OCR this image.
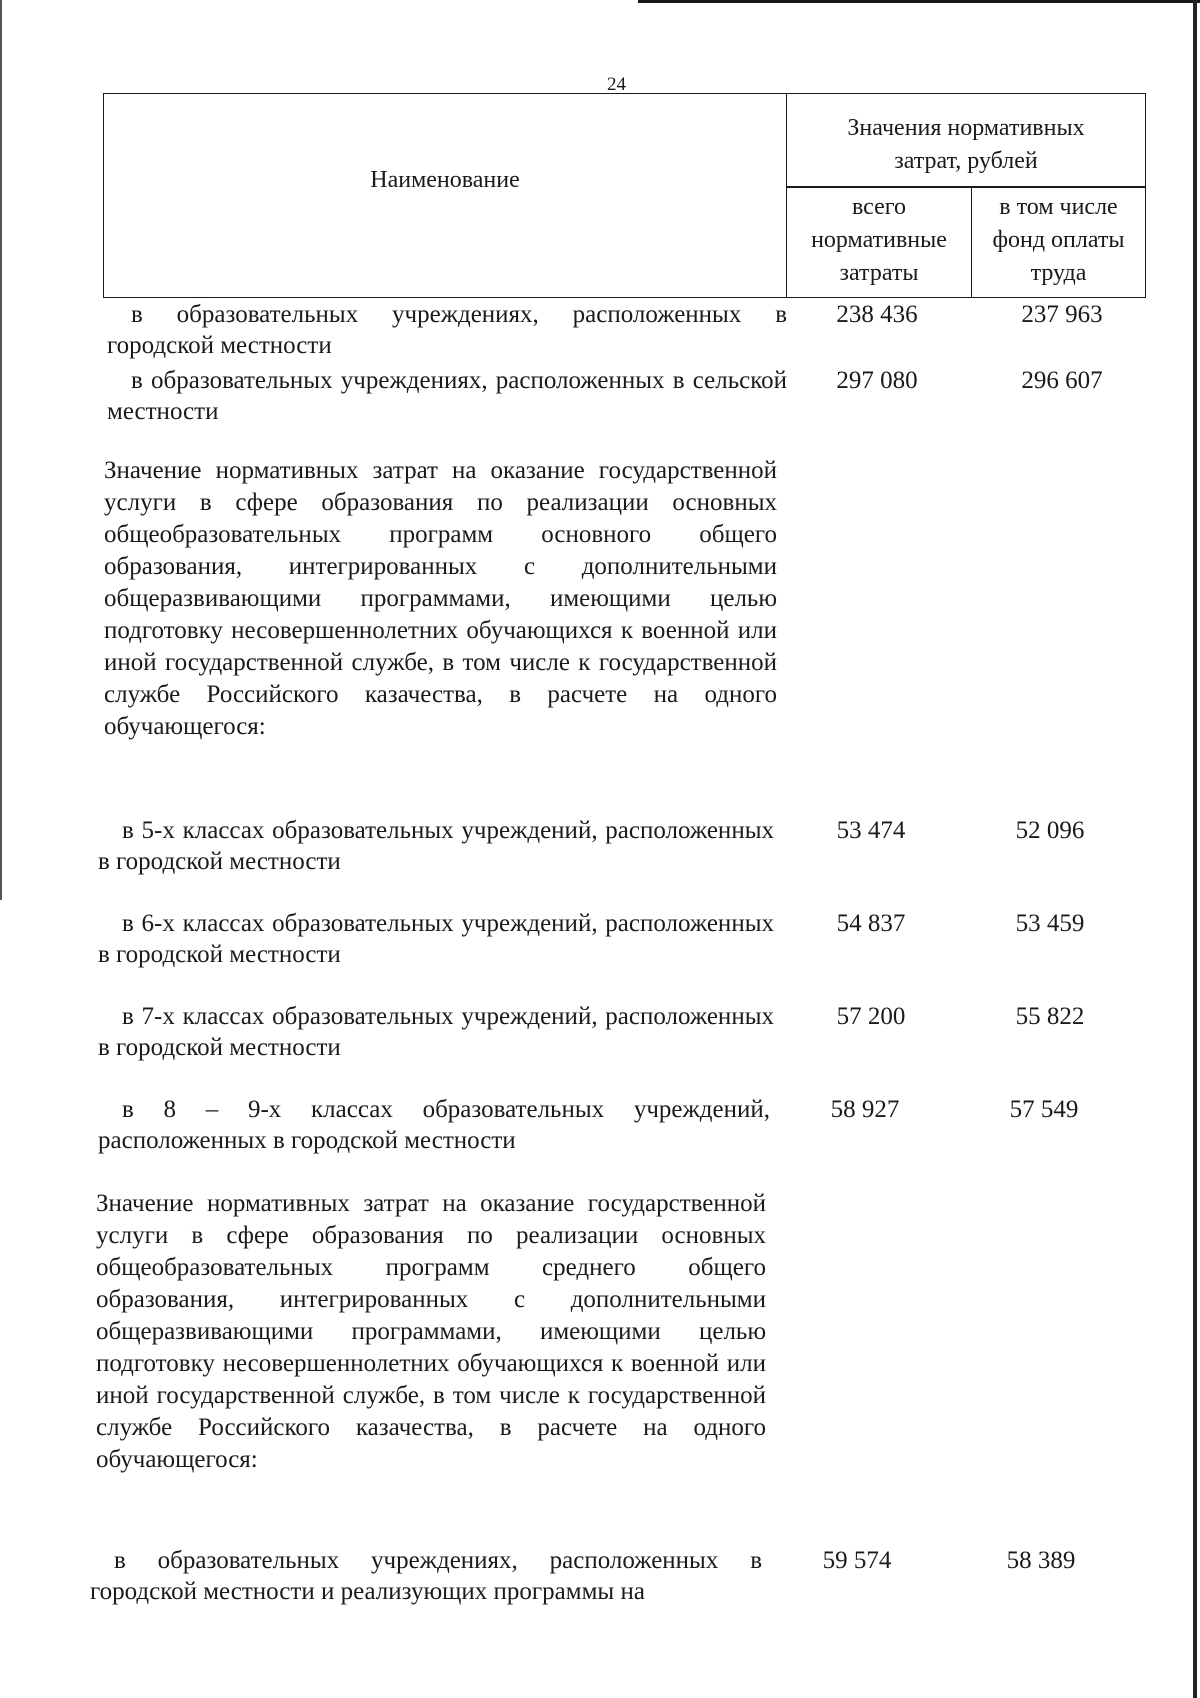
24
Наименование
Значения нормативных затрат, рублей
всего нормативные затраты
в том числе фонд оплаты труда
в образовательных учреждениях, расположенных в городской местности
238 436	237 963
в образовательных учреждениях, расположенных в сельской местности
297 080	296 607
Значение нормативных затрат на оказание государственной услуги в сфере образования по реализации основных общеобразовательных программ основного общего образования, интегрированных с дополнительными общеразвивающими программами, имеющими целью подготовку несовершеннолетних обучающихся к военной или иной государственной службе, в том числе к государственной службе Российского казачества, в расчете на одного
обучающегося:
в 5-х классах образовательных учреждений, расположенных в городской местности
53 474	52 096
в 6-х классах образовательных учреждений, расположенных в городской местности
54 837	53 459
в 7-х классах образовательных учреждений, расположенных в городской местности
57 200	55 822
в 8 – 9-х классах образовательных учреждений, расположенных в городской местности
58 927	57 549
Значение нормативных затрат на оказание государственной услуги в сфере образования по реализации основных общеобразовательных программ среднего общего образования, интегрированных с дополнительными общеразвивающими программами, имеющими целью подготовку несовершеннолетних обучающихся к военной или иной государственной службе, в том числе к государственной службе Российского казачества, в расчете на одного
обучающегося:
в образовательных учреждениях, расположенных в городской местности и реализующих программы на
59 574	58 389
